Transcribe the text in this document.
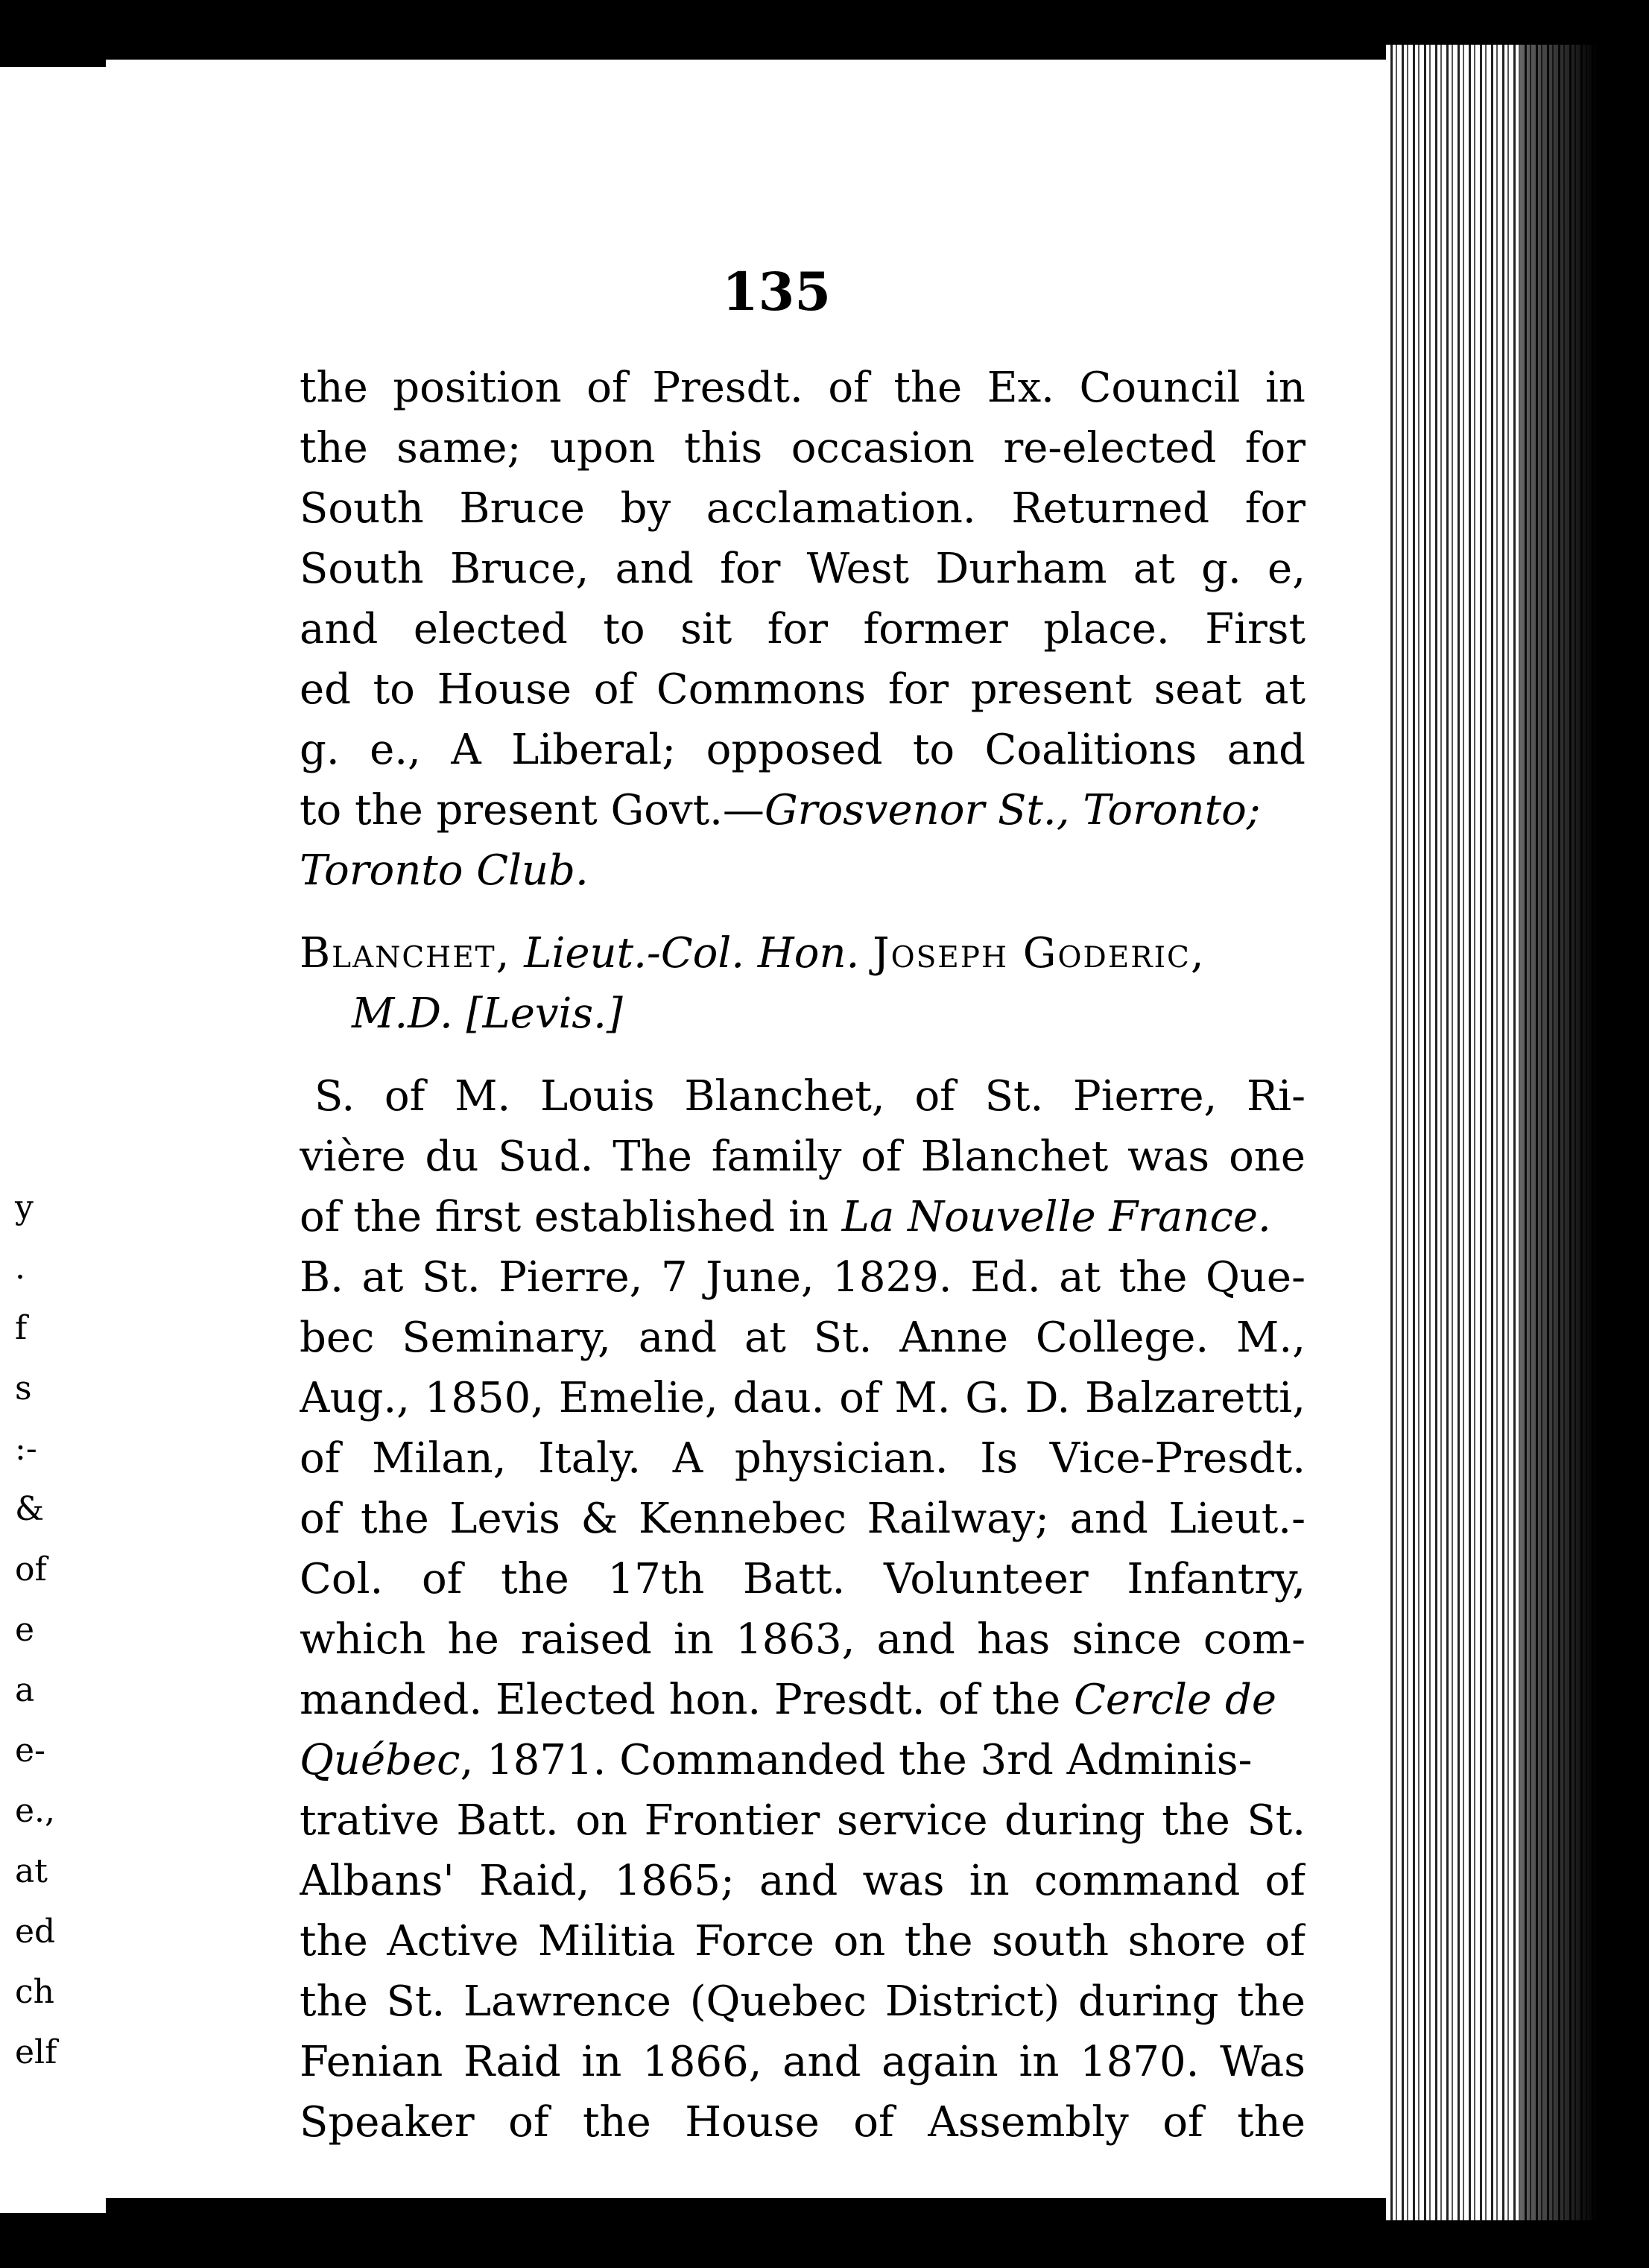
y
.
f
s
:-
&
of
e
a
e-
e.,
at
ed
ch
elf
135
the position of Presdt. of the Ex. Council in
the same; upon this occasion re-elected for
South Bruce by acclamation. Returned for
South Bruce, and for West Durham at g. e,
and elected to sit for former place. First
ed to House of Commons for present seat at
g. e., A Liberal; opposed to Coalitions and
to the present Govt.—Grosvenor St., Toronto;
Toronto Club.
Blanchet, Lieut.-Col. Hon. Joseph Goderic,
M.D. [Levis.]
S. of M. Louis Blanchet, of St. Pierre, Ri-
vière du Sud. The family of Blanchet was one
of the first established in La Nouvelle France.
B. at St. Pierre, 7 June, 1829. Ed. at the Que-
bec Seminary, and at St. Anne College. M.,
Aug., 1850, Emelie, dau. of M. G. D. Balzaretti,
of Milan, Italy. A physician. Is Vice-Presdt.
of the Levis & Kennebec Railway; and Lieut.-
Col. of the 17th Batt. Volunteer Infantry,
which he raised in 1863, and has since com-
manded. Elected hon. Presdt. of the Cercle de
Québec, 1871. Commanded the 3rd Adminis-
trative Batt. on Frontier service during the St.
Albans' Raid, 1865; and was in command of
the Active Militia Force on the south shore of
the St. Lawrence (Quebec District) during the
Fenian Raid in 1866, and again in 1870. Was
Speaker of the House of Assembly of the
